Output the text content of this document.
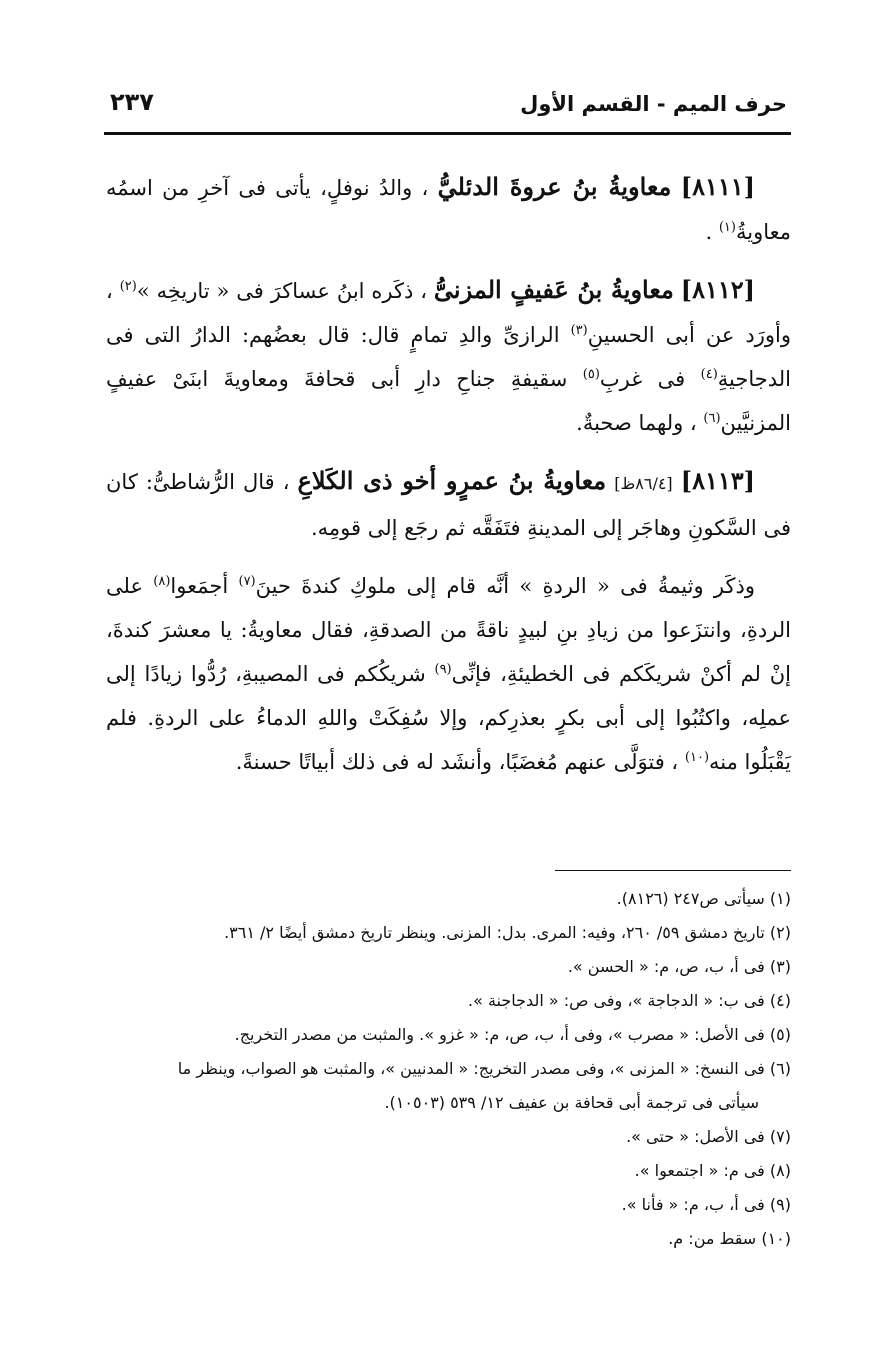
حرف الميم - القسم الأول
٢٣٧
[٨١١١] معاويةُ بنُ عروةَ الدئليُّ ، والدُ نوفلٍ، يأتى فى آخرِ من اسمُه معاويةُ$^{(١)}$ .
[٨١١٢] معاويةُ بنُ عَفيفٍ المزنىُّ ، ذكَره ابنُ عساكرَ فى « تاريخِه »$^{(٢)}$ ، وأورَد عن أبى الحسينِ$^{(٣)}$ الرازىِّ والدِ تمامٍ قال: قال بعضُهم: الدارُ التى فى الدجاجيةِ$^{(٤)}$ فى غربِ$^{(٥)}$ سقيفةِ جناحِ دارِ أبى قحافةَ ومعاويةَ ابنَىْ عفيفٍ المزنيَّين$^{(٦)}$ ، ولهما صحبةٌ.
[٨١١٣] [٨٦/٤ظ] معاويةُ بنُ عمرٍو أخو ذى الكَلاعِ ، قال الرُّشاطىُّ: كان فى السَّكونِ وهاجَر إلى المدينةِ فتَفَقَّه ثم رجَع إلى قومِه.
وذكَر وثيمةُ فى « الردةِ » أنَّه قام إلى ملوكِ كندةَ حينَ$^{(٧)}$ أجمَعوا$^{(٨)}$ على الردةِ، وانتزَعوا من زيادِ بنِ لبيدٍ ناقةً من الصدقةِ، فقال معاويةُ: يا معشرَ كندةَ، إنْ لم أكنْ شريكَكم فى الخطيئةِ، فإنِّى$^{(٩)}$ شريكُكم فى المصيبةِ، رُدُّوا زيادًا إلى عملِه، واكتُبُوا إلى أبى بكرٍ بعذرِكم، وإلا سُفِكَتْ واللهِ الدماءُ على الردةِ. فلم يَقْبَلُوا منه$^{(١٠)}$ ، فتوَلَّى عنهم مُغضَبًا، وأنشَد له فى ذلك أبياتًا حسنةً.

(١) سيأتى ص٢٤٧ (٨١٢٦).

(٢) تاريخ دمشق ٥٩/ ٢٦٠، وفيه: المرى. بدل: المزنى. وينظر تاريخ دمشق أيضًا ٢/ ٣٦١.

(٣) فى أ، ب، ص، م: « الحسن ».

(٤) فى ب: « الدجاجة »، وفى ص: « الدجاجنة ».

(٥) فى الأصل: « مصرب »، وفى أ، ب، ص، م: « غزو ». والمثبت من مصدر التخريج.

(٦) فى النسخ: « المزنى »، وفى مصدر التخريج: « المدنيين »، والمثبت هو الصواب، وينظر ما
سيأتى فى ترجمة أبى قحافة بن عفيف ١٢/ ٥٣٩ (١٠٥٠٣).

(٧) فى الأصل: « حتى ».

(٨) فى م: « اجتمعوا ».

(٩) فى أ، ب، م: « فأنا ».

(١٠) سقط من: م.
